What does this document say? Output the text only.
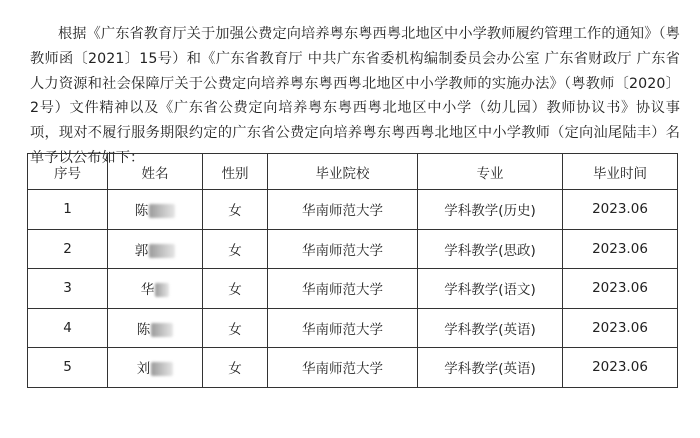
根据《广东省教育厅关于加强公费定向培养粤东粤西粤北地区中小学教师履约管理工作的通知》（粤教师函〔2021〕15号）和《广东省教育厅 中共广东省委机构编制委员会办公室 广东省财政厅 广东省人力资源和社会保障厅关于公费定向培养粤东粤西粤北地区中小学教师的实施办法》（粤教师〔2020〕2号）文件精神以及《广东省公费定向培养粤东粤西粤北地区中小学（幼儿园）教师协议书》协议事项，现对不履行服务期限约定的广东省公费定向培养粤东粤西粤北地区中小学教师（定向汕尾陆丰）名单予以公布如下：
序号	姓名	性别	毕业院校	专业	毕业时间
1	陈	女	华南师范大学	学科教学(历史)	2023.06
2	郭	女	华南师范大学	学科教学(思政)	2023.06
3	华	女	华南师范大学	学科教学(语文)	2023.06
4	陈	女	华南师范大学	学科教学(英语)	2023.06
5	刘	女	华南师范大学	学科教学(英语)	2023.06
